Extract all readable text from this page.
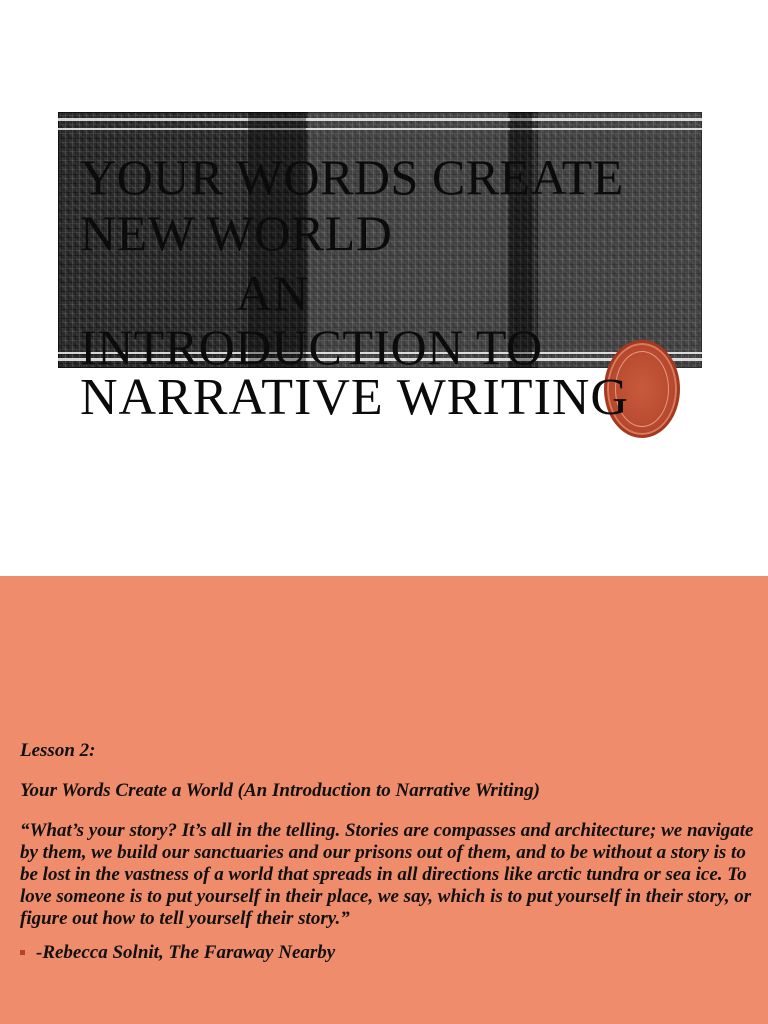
YOUR WORDS CREATE
NEW WORLD
AN
INTRODUCTION TO
NARRATIVE WRITING

Lesson 2:

Your Words Create a World (An Introduction to Narrative Writing)

“What’s your story? It’s all in the telling. Stories are compasses and architecture; we navigate by them, we build our sanctuaries and our prisons out of them, and to be without a story is to be lost in the vastness of a world that spreads in all directions like arctic tundra or sea ice. To love someone is to put yourself in their place, we say, which is to put yourself in their story, or figure out how to tell yourself their story.”

-Rebecca Solnit, The Faraway Nearby
